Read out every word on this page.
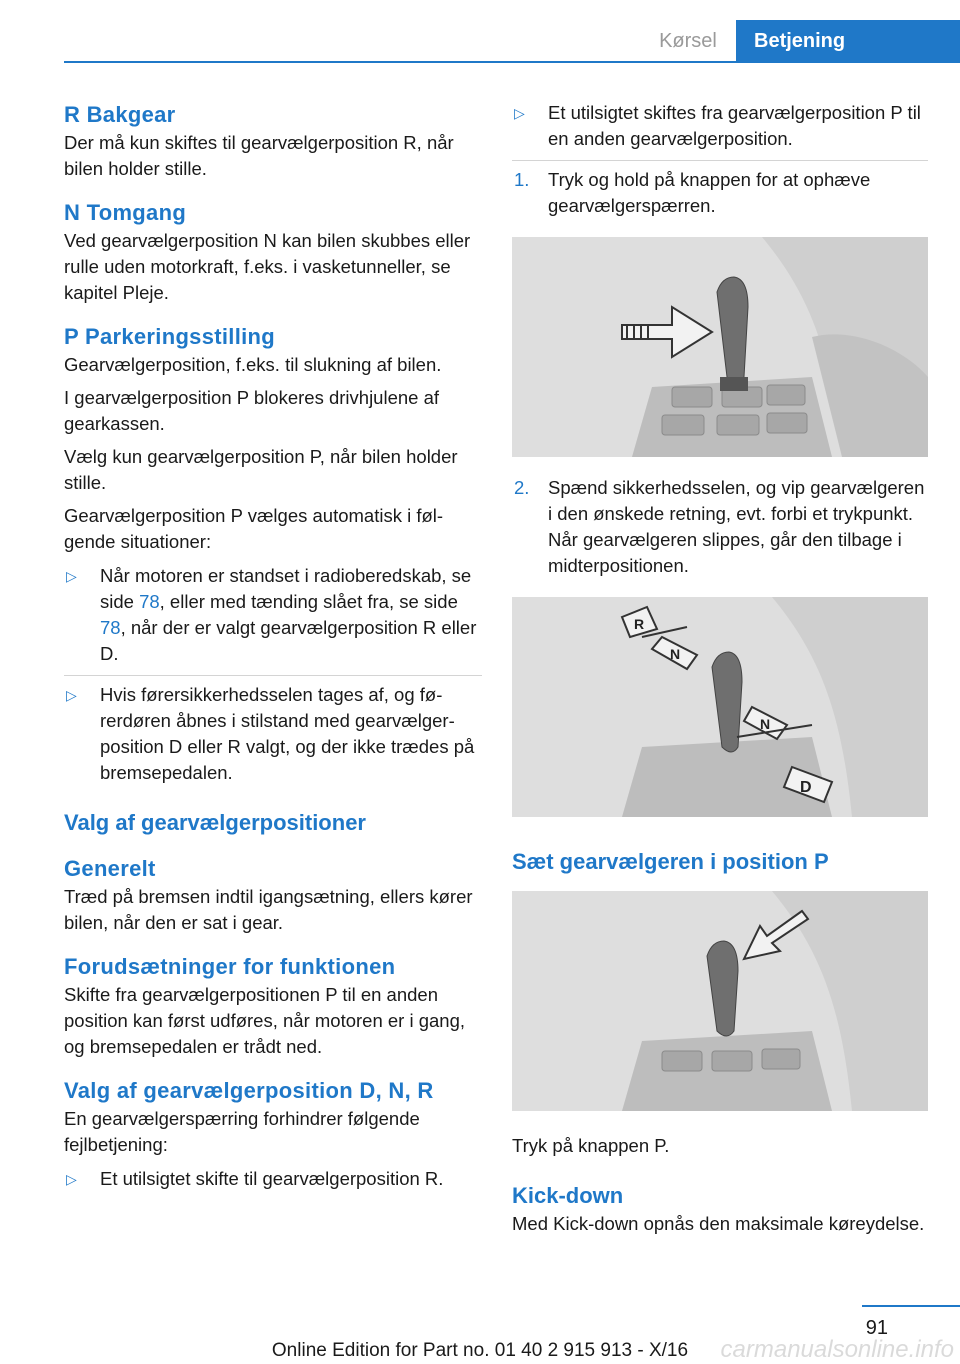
Kørsel	Betjening
R Bakgear

Der må kun skiftes til gearvælgerposition R, når bilen holder stille.

N Tomgang

Ved gearvælgerposition N kan bilen skubbes eller rulle uden motorkraft, f.eks. i vasketunneller, se kapitel Pleje.

P Parkeringsstilling

Gearvælgerposition, f.eks. til slukning af bilen.

I gearvælgerposition P blokeres drivhjulene af gearkassen.

Vælg kun gearvælgerposition P, når bilen holder stille.

Gearvælgerposition P vælges automatisk i følgende situationer:

▷	Når motoren er standset i radioberedskab, se side 78, eller med tænding slået fra, se side 78, når der er valgt gearvælgerposition R eller D.
▷	Hvis førersikkerhedsselen tages af, og førerdøren åbnes i stilstand med gearvælgerposition D eller R valgt, og der ikke trædes på bremsepedalen.
Valg af gearvælgerpositioner
Generelt

Træd på bremsen indtil igangsætning, ellers kører bilen, når den er sat i gear.

Forudsætninger for funktionen

Skifte fra gearvælgerpositionen P til en anden position kan først udføres, når motoren er i gang, og bremsepedalen er trådt ned.

Valg af gearvælgerposition D, N, R

En gearvælgerspærring forhindrer følgende fejlbetjening:

▷	Et utilsigtet skifte til gearvælgerposition R.
▷	Et utilsigtet skiftes fra gearvælgerposition P til en anden gearvælgerposition.
1.	Tryk og hold på knappen for at ophæve gearvælgerspærren.
2.	Spænd sikkerhedsselen, og vip gearvælgeren i den ønskede retning, evt. forbi et trykpunkt. Når gearvælgeren slippes, går den tilbage i midterpositionen.
R
N
N
D
Sæt gearvælgeren i position P

Tryk på knappen P.

Kick-down

Med Kick-down opnås den maksimale køreydelse.

91
Online Edition for Part no. 01 40 2 915 913 - X/16	carmanualsonline.info
